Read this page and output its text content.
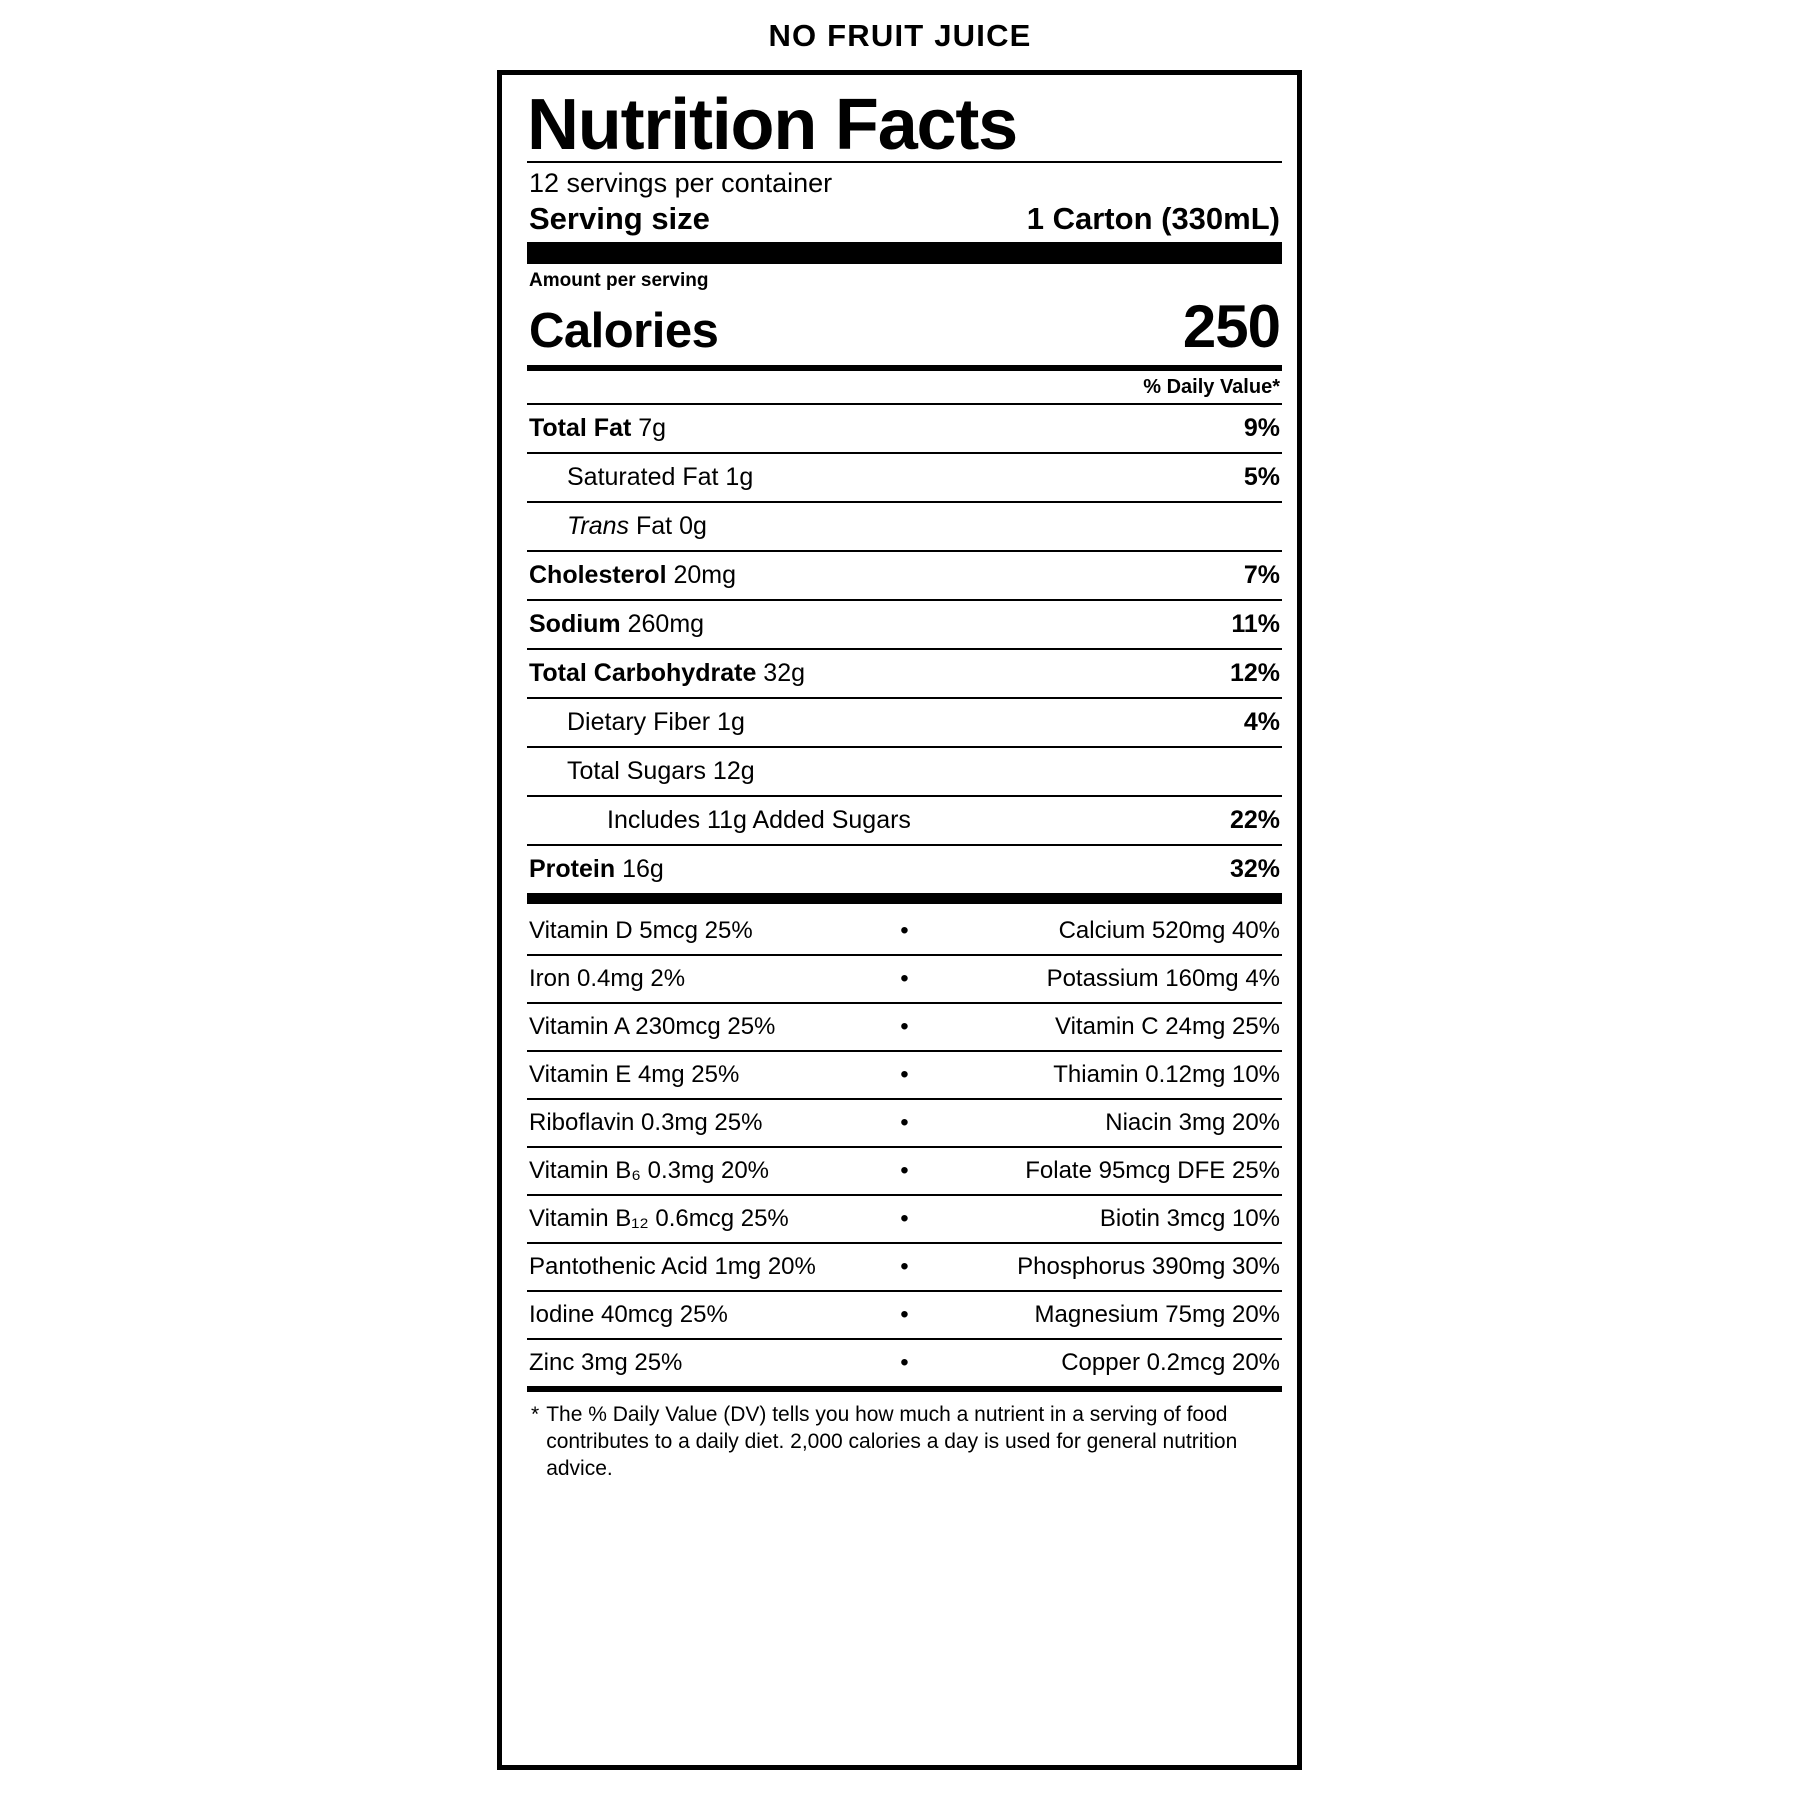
NO FRUIT JUICE
Nutrition Facts
12 servings per container
Serving size	1 Carton (330mL)
Amount per serving
Calories	250
% Daily Value*
Total Fat 7g	9%
Saturated Fat 1g	5%
Trans Fat 0g
Cholesterol 20mg	7%
Sodium 260mg	11%
Total Carbohydrate 32g	12%
Dietary Fiber 1g	4%
Total Sugars 12g
Includes 11g Added Sugars	22%
Protein 16g	32%
Vitamin D 5mcg 25%	•	Calcium 520mg 40%
Iron 0.4mg 2%	•	Potassium 160mg 4%
Vitamin A 230mcg 25%	•	Vitamin C 24mg 25%
Vitamin E 4mg 25%	•	Thiamin 0.12mg 10%
Riboflavin 0.3mg 25%	•	Niacin 3mg 20%
Vitamin B₆ 0.3mg 20%	•	Folate 95mcg DFE 25%
Vitamin B₁₂ 0.6mcg 25%	•	Biotin 3mcg 10%
Pantothenic Acid 1mg 20%	•	Phosphorus 390mg 30%
Iodine 40mcg 25%	•	Magnesium 75mg 20%
Zinc 3mg 25%	•	Copper 0.2mcg 20%
* The % Daily Value (DV) tells you how much a nutrient in a serving of food contributes to a daily diet. 2,000 calories a day is used for general nutrition advice.
